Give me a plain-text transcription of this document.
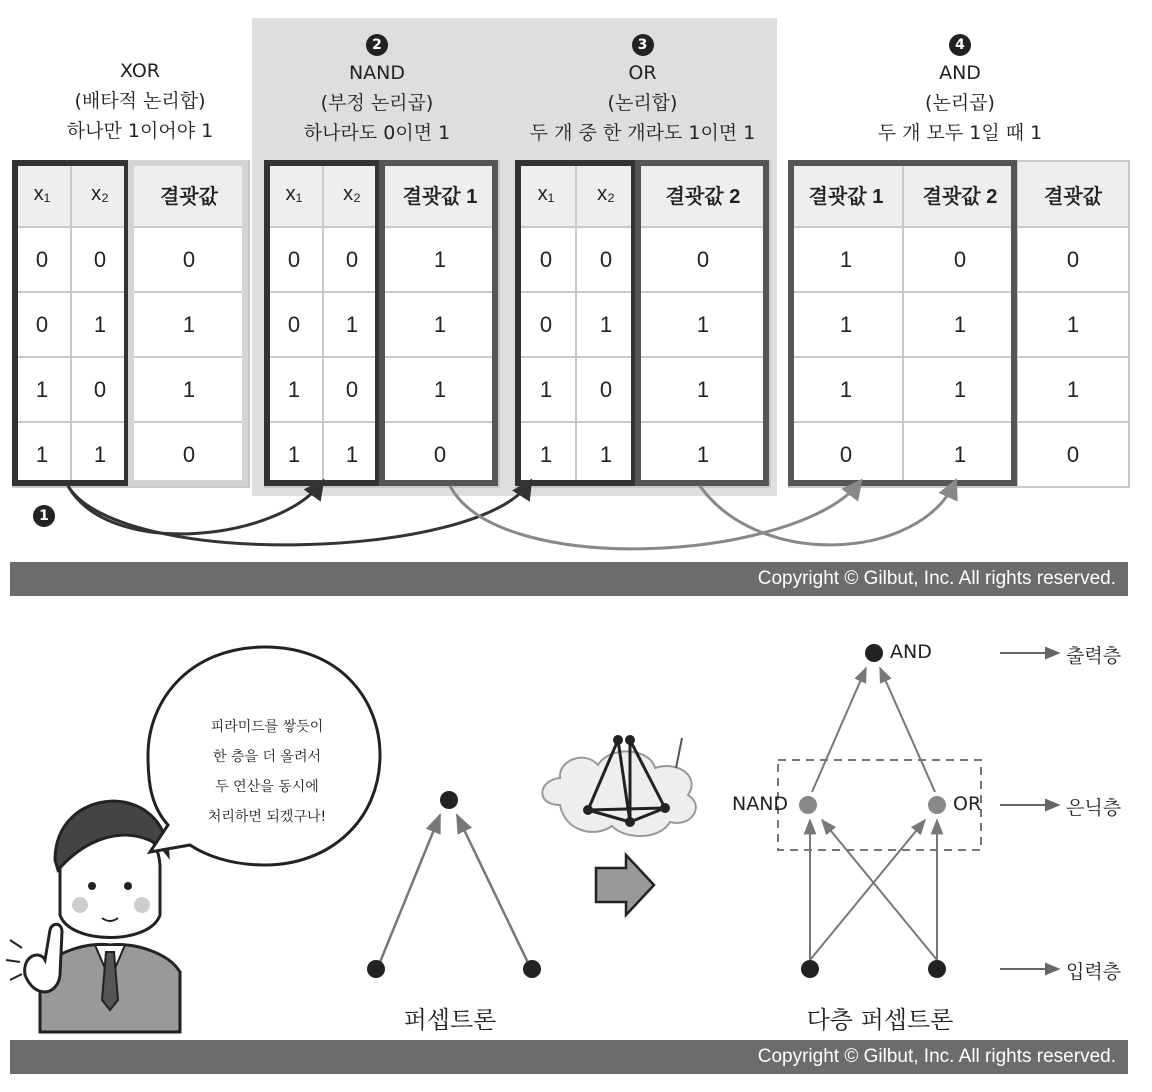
XOR
(배타적 논리합)
하나만 1이어야 1
2
NAND
(부정 논리곱)
하나라도 0이면 1
3
OR
(논리합)
두 개 중 한 개라도 1이면 1
4
AND
(논리곱)
두 개 모두 1일 때 1
x₁	x₂	결괏값
0	0	0
0	1	1
1	0	1
1	1	0
x₁	x₂	결괏값 1
0	0	1
0	1	1
1	0	1
1	1	0
x₁	x₂	결괏값 2
0	0	0
0	1	1
1	0	1
1	1	1
결괏값 1	결괏값 2	결괏값
1	0	0
1	1	1
1	1	1
0	1	0
1
Copyright © Gilbut, Inc. All rights reserved.
피라미드를 쌓듯이
한 층을 더 올려서
두 연산을 동시에
처리하면 되겠구나!
AND
NAND	OR
출력층
은닉층
입력층
퍼셉트론	다층 퍼셉트론
Copyright © Gilbut, Inc. All rights reserved.
